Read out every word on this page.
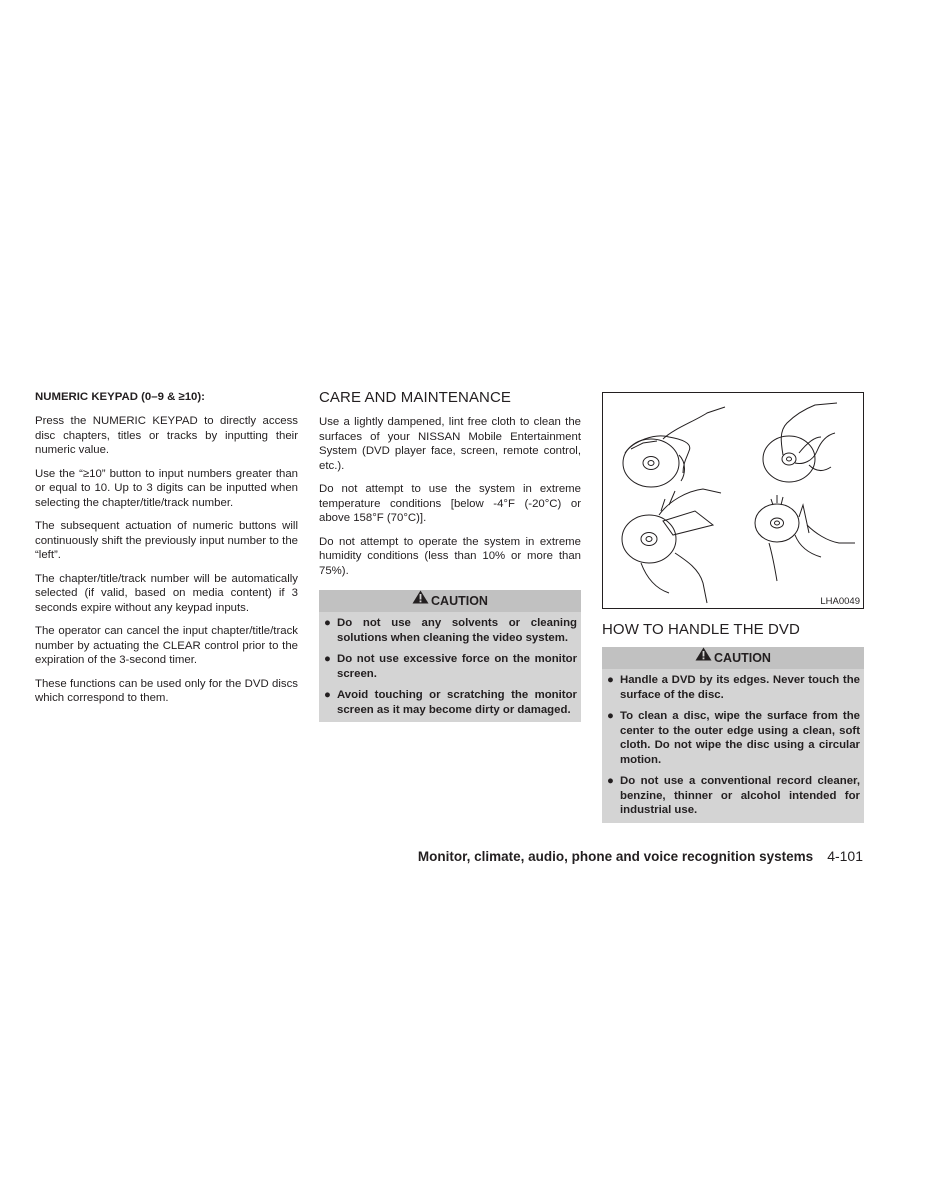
NUMERIC KEYPAD (0–9 & ≥10):

Press the NUMERIC KEYPAD to directly access disc chapters, titles or tracks by inputting their numeric value.

Use the “≥10” button to input numbers greater than or equal to 10. Up to 3 digits can be inputted when selecting the chapter/title/track number.

The subsequent actuation of numeric buttons will continuously shift the previously input number to the “left”.

The chapter/title/track number will be automatically selected (if valid, based on media content) if 3 seconds expire without any keypad inputs.

The operator can cancel the input chapter/title/track number by actuating the CLEAR control prior to the expiration of the 3-second timer.

These functions can be used only for the DVD discs which correspond to them.

CARE AND MAINTENANCE

Use a lightly dampened, lint free cloth to clean the surfaces of your NISSAN Mobile Entertainment System (DVD player face, screen, remote control, etc.).

Do not attempt to use the system in extreme temperature conditions [below -4°F (-20°C) or above 158°F (70°C)].

Do not attempt to operate the system in extreme humidity conditions (less than 10% or more than 75%).

CAUTION
● Do not use any solvents or cleaning solutions when cleaning the video system.
● Do not use excessive force on the monitor screen.
● Avoid touching or scratching the monitor screen as it may become dirty or damaged.
LHA0049
HOW TO HANDLE THE DVD
CAUTION
● Handle a DVD by its edges. Never touch the surface of the disc.
● To clean a disc, wipe the surface from the center to the outer edge using a clean, soft cloth. Do not wipe the disc using a circular motion.
● Do not use a conventional record cleaner, benzine, thinner or alcohol intended for industrial use.
Monitor, climate, audio, phone and voice recognition systems 4-101
